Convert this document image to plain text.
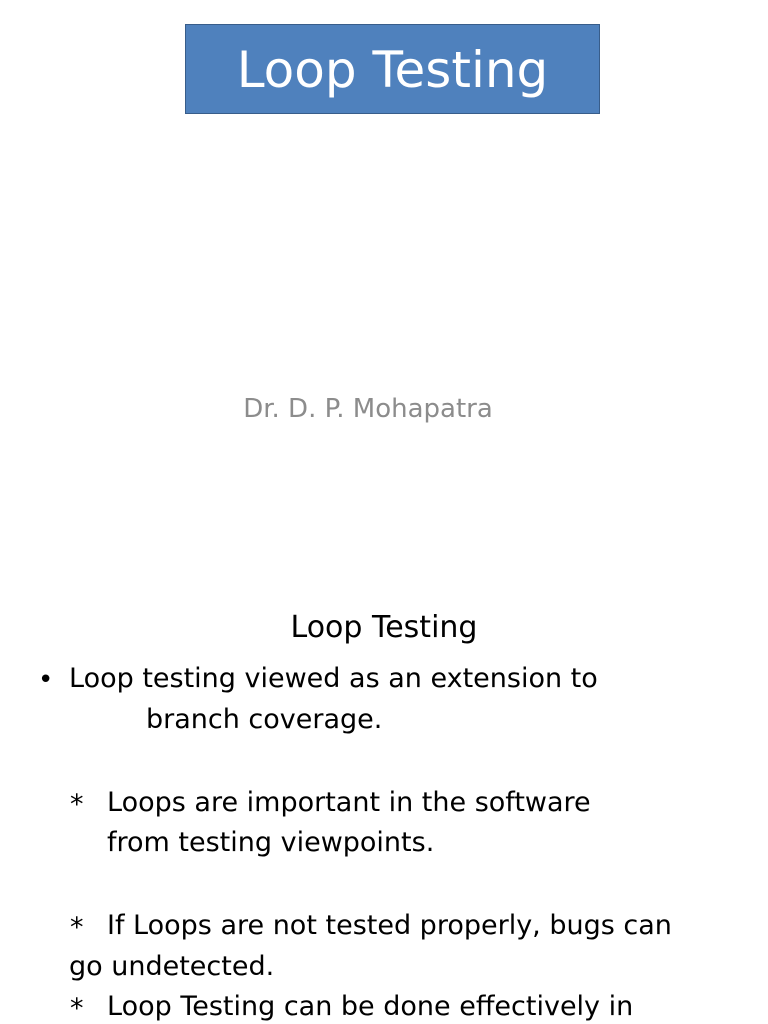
Loop Testing
Dr. D. P. Mohapatra
Loop Testing
• Loop testing viewed as an extension to
branch coverage.
* Loops are important in the software
from testing viewpoints.
* If Loops are not tested properly, bugs can
go undetected.
* Loop Testing can be done effectively in
